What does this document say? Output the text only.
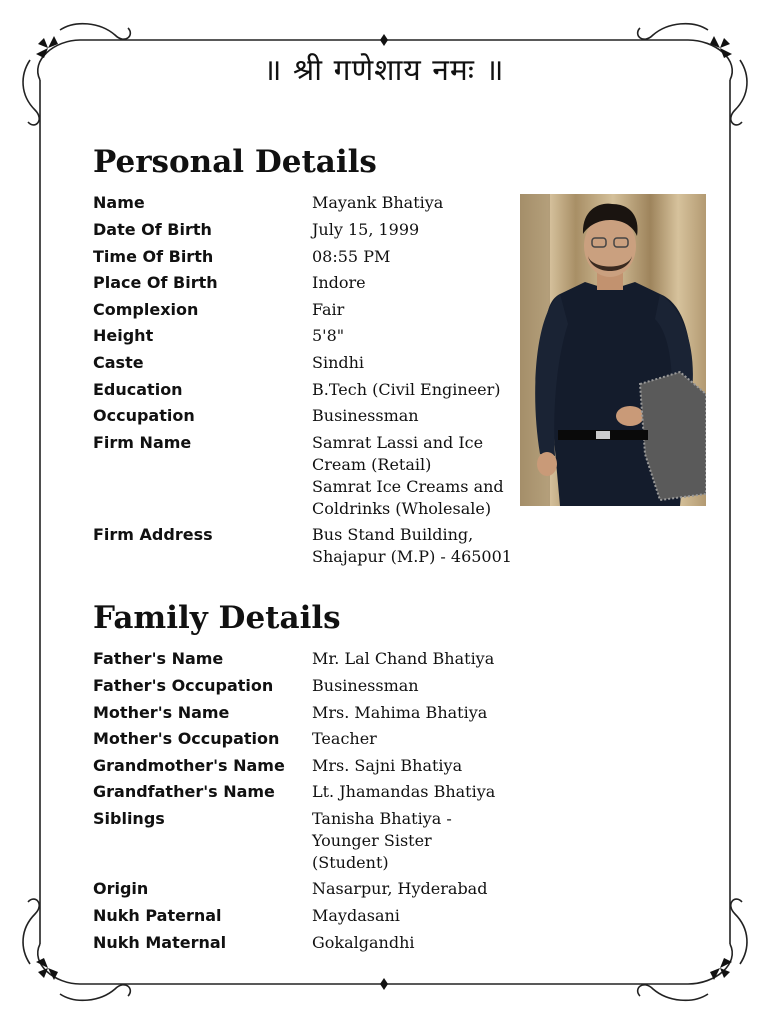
॥ श्री गणेशाय नमः ॥
Personal Details
Name	Mayank Bhatiya
Date Of Birth	July 15, 1999
Time Of Birth	08:55 PM
Place Of Birth	Indore
Complexion	Fair
Height	5'8"
Caste	Sindhi
Education	B.Tech (Civil Engineer)
Occupation	Businessman
Firm Name	Samrat Lassi and Ice
Cream (Retail)
Samrat Ice Creams and
Coldrinks (Wholesale)
Firm Address	Bus Stand Building,
Shajapur (M.P) - 465001
Family Details
Father's Name	Mr. Lal Chand Bhatiya
Father's Occupation	Businessman
Mother's Name	Mrs. Mahima Bhatiya
Mother's Occupation	Teacher
Grandmother's Name	Mrs. Sajni Bhatiya
Grandfather's Name	Lt. Jhamandas Bhatiya
Siblings	Tanisha Bhatiya -
Younger Sister
(Student)
Origin	Nasarpur, Hyderabad
Nukh Paternal	Maydasani
Nukh Maternal	Gokalgandhi
